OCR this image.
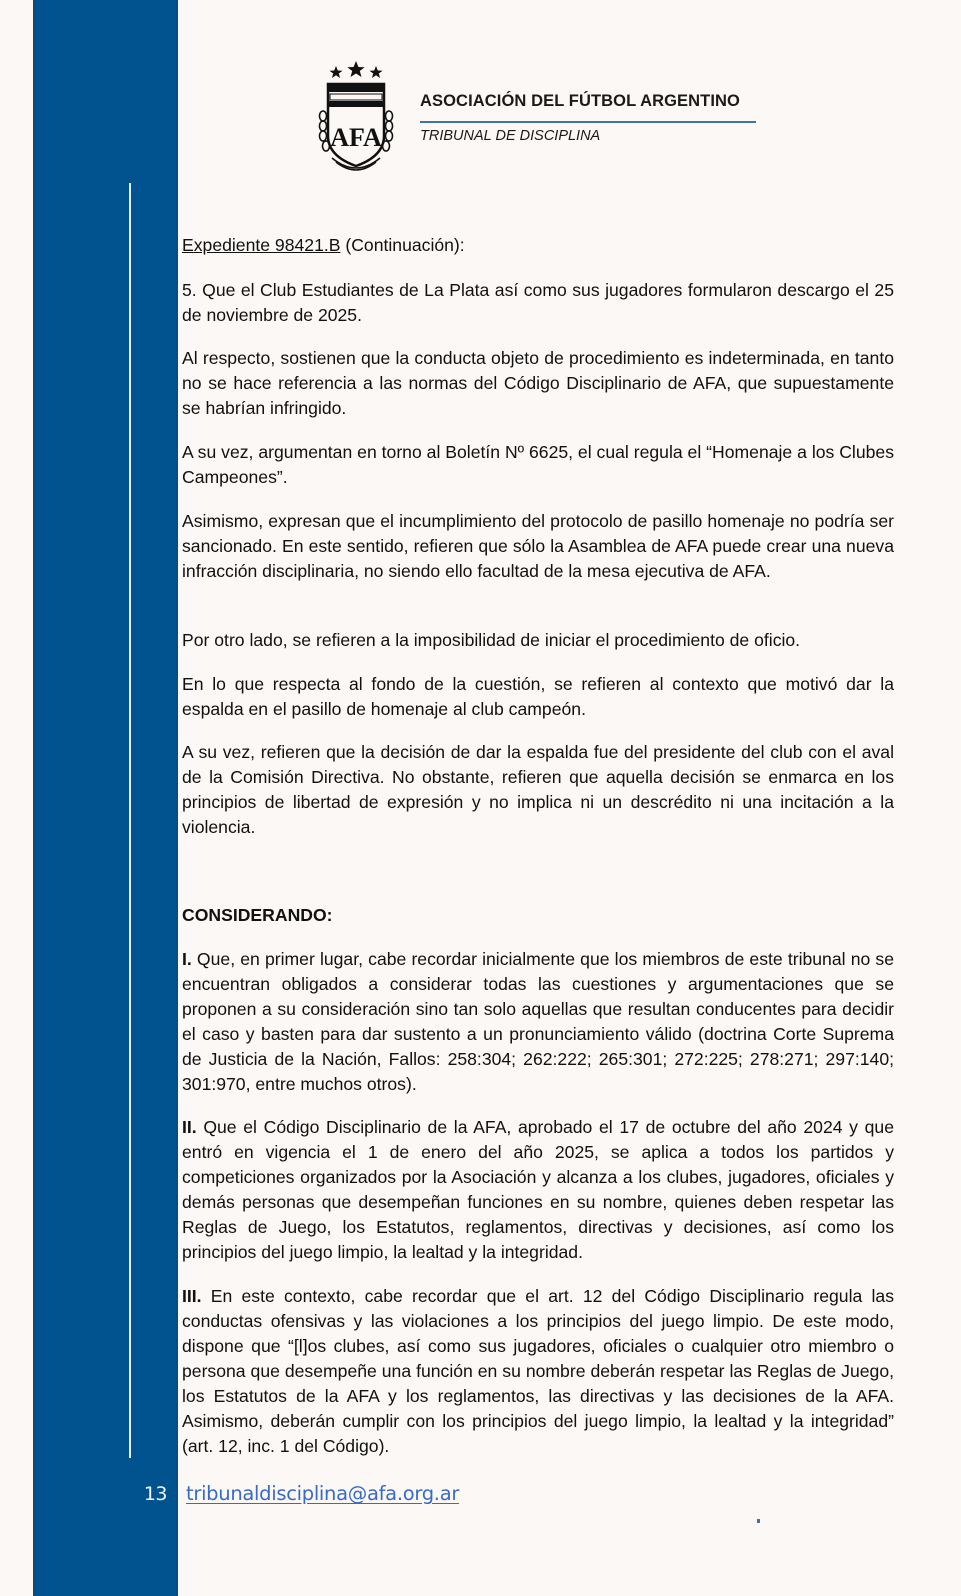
13
AFA
ASOCIACIÓN DEL FÚTBOL ARGENTINO
TRIBUNAL DE DISCIPLINA

Expediente 98421.B (Continuación):

5. Que el Club Estudiantes de La Plata así como sus jugadores formularon descargo el 25 de noviembre de 2025.

Al respecto, sostienen que la conducta objeto de procedimiento es indeterminada, en tanto no se hace referencia a las normas del Código Disciplinario de AFA, que supuestamente se habrían infringido.

A su vez, argumentan en torno al Boletín Nº 6625, el cual regula el “Homenaje a los Clubes Campeones”.

Asimismo, expresan que el incumplimiento del protocolo de pasillo homenaje no podría ser sancionado. En este sentido, refieren que sólo la Asamblea de AFA puede crear una nueva infracción disciplinaria, no siendo ello facultad de la mesa ejecutiva de AFA.

Por otro lado, se refieren a la imposibilidad de iniciar el procedimiento de oficio.

En lo que respecta al fondo de la cuestión, se refieren al contexto que motivó dar la espalda en el pasillo de homenaje al club campeón.

A su vez, refieren que la decisión de dar la espalda fue del presidente del club con el aval de la Comisión Directiva. No obstante, refieren que aquella decisión se enmarca en los principios de libertad de expresión y no implica ni un descrédito ni una incitación a la violencia.

CONSIDERANDO:

I. Que, en primer lugar, cabe recordar inicialmente que los miembros de este tribunal no se encuentran obligados a considerar todas las cuestiones y argumentaciones que se proponen a su consideración sino tan solo aquellas que resultan conducentes para decidir el caso y basten para dar sustento a un pronunciamiento válido (doctrina Corte Suprema de Justicia de la Nación, Fallos: 258:304; 262:222; 265:301; 272:225; 278:271; 297:140; 301:970, entre muchos otros).

II. Que el Código Disciplinario de la AFA, aprobado el 17 de octubre del año 2024 y que entró en vigencia el 1 de enero del año 2025, se aplica a todos los partidos y competiciones organizados por la Asociación y alcanza a los clubes, jugadores, oficiales y demás personas que desempeñan funciones en su nombre, quienes deben respetar las Reglas de Juego, los Estatutos, reglamentos, directivas y decisiones, así como los principios del juego limpio, la lealtad y la integridad.

III. En este contexto, cabe recordar que el art. 12 del Código Disciplinario regula las conductas ofensivas y las violaciones a los principios del juego limpio. De este modo, dispone que “[l]os clubes, así como sus jugadores, oficiales o cualquier otro miembro o persona que desempeñe una función en su nombre deberán respetar las Reglas de Juego, los Estatutos de la AFA y los reglamentos, las directivas y las decisiones de la AFA. Asimismo, deberán cumplir con los principios del juego limpio, la lealtad y la integridad” (art. 12, inc. 1 del Código).

tribunaldisciplina@afa.org.ar
